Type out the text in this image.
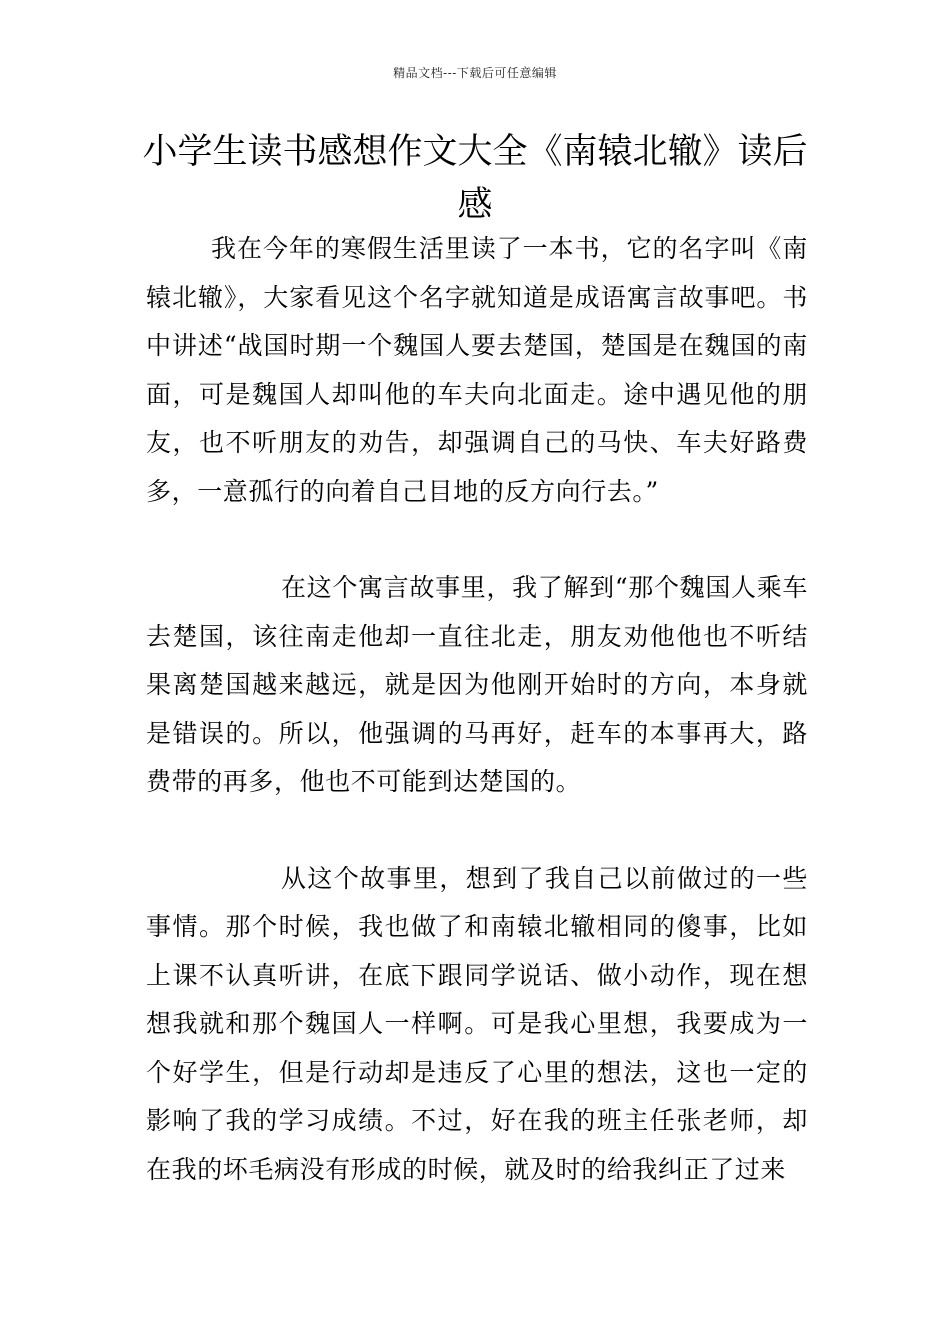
精品文档---下载后可任意编辑
小学生读书感想作文大全《南辕北辙》读后感

我在今年的寒假生活里读了一本书，它的名字叫《南辕北辙》，大家看见这个名字就知道是成语寓言故事吧。书中讲述“战国时期一个魏国人要去楚国，楚国是在魏国的南面，可是魏国人却叫他的车夫向北面走。途中遇见他的朋友，也不听朋友的劝告，却强调自己的马快、车夫好路费多，一意孤行的向着自己目地的反方向行去。”

在这个寓言故事里，我了解到“那个魏国人乘车去楚国，该往南走他却一直往北走，朋友劝他他也不听结果离楚国越来越远，就是因为他刚开始时的方向，本身就是错误的。所以，他强调的马再好，赶车的本事再大，路费带的再多，他也不可能到达楚国的。

从这个故事里，想到了我自己以前做过的一些事情。那个时候，我也做了和南辕北辙相同的傻事，比如上课不认真听讲，在底下跟同学说话、做小动作，现在想想我就和那个魏国人一样啊。可是我心里想，我要成为一个好学生，但是行动却是违反了心里的想法，这也一定的影响了我的学习成绩。不过，好在我的班主任张老师，却在我的坏毛病没有形成的时候，就及时的给我纠正了过来
